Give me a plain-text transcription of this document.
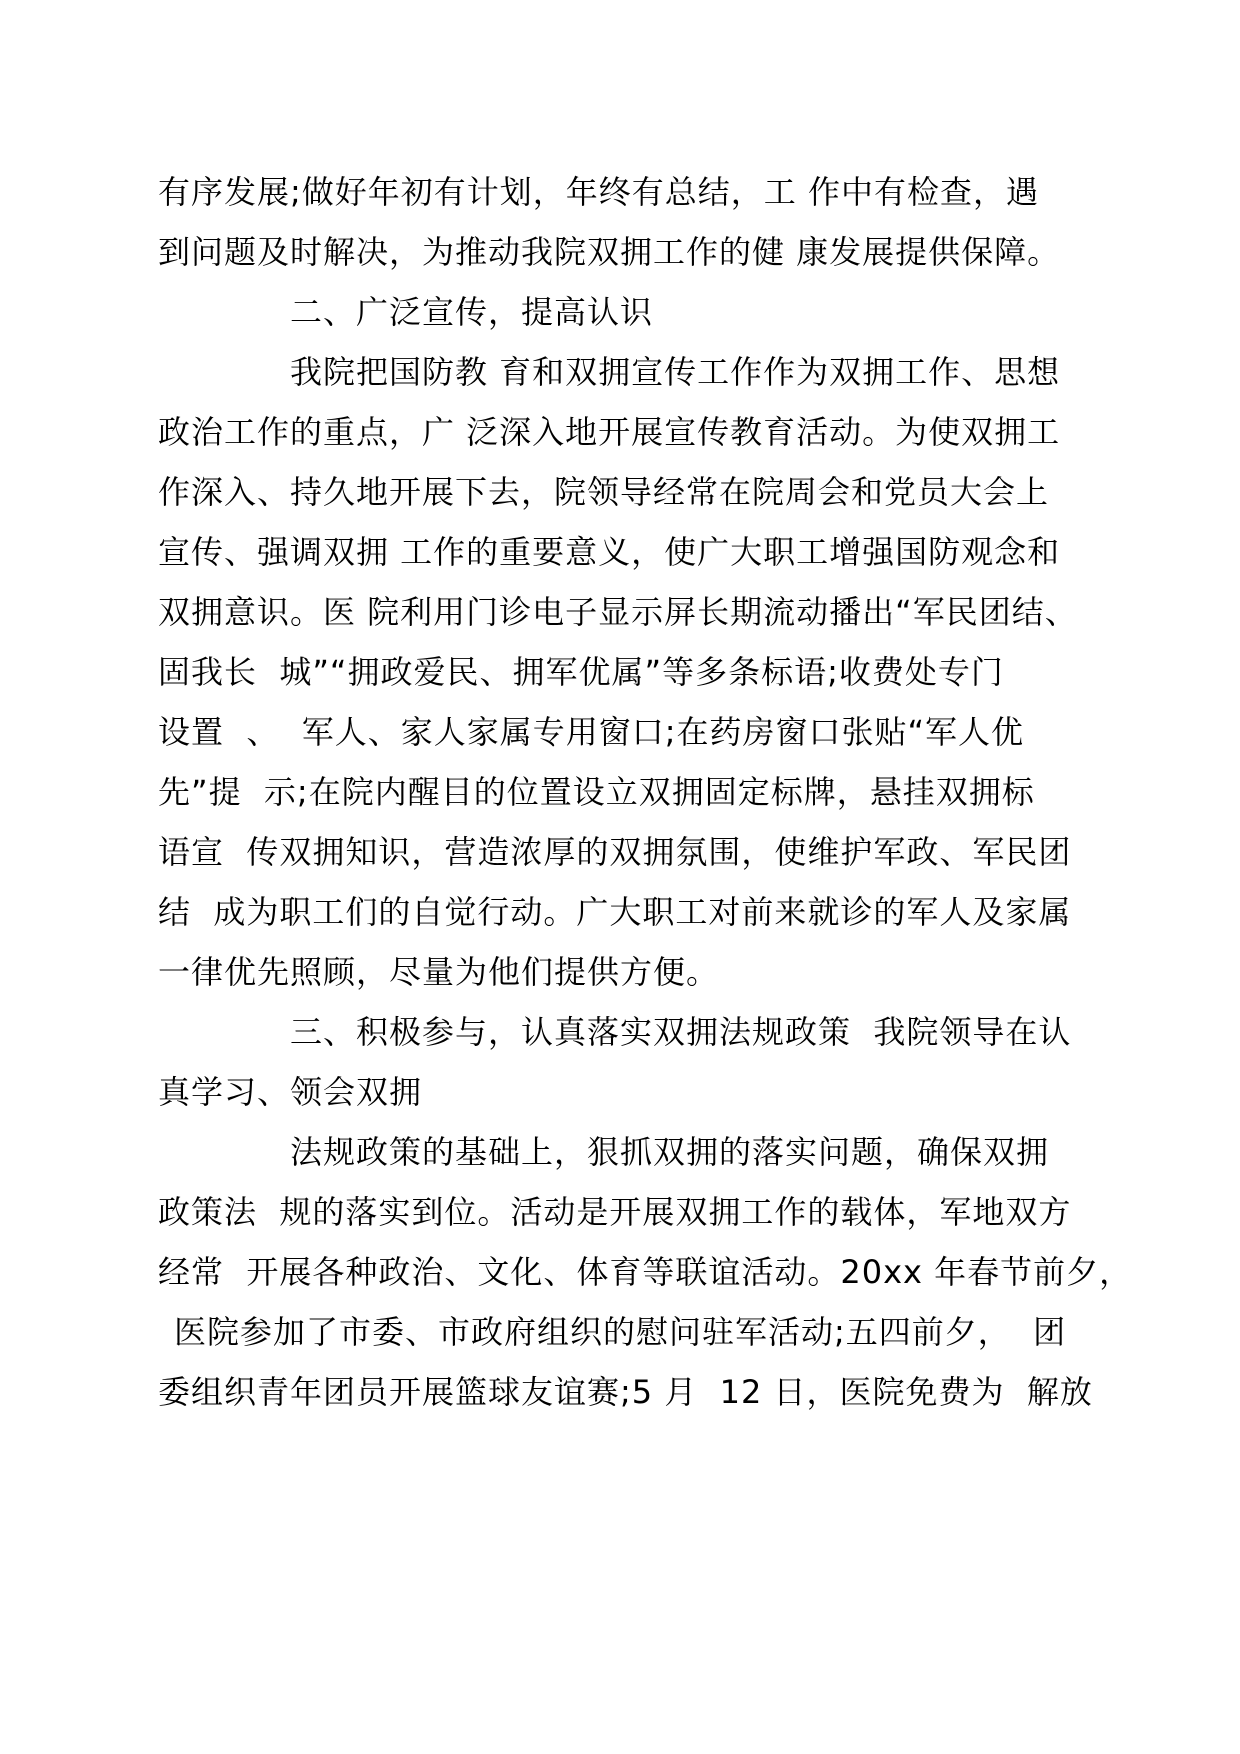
有序发展;做好年初有计划，年终有总结，工 作中有检查，遇
到问题及时解决，为推动我院双拥工作的健 康发展提供保障。
二、广泛宣传，提高认识
我院把国防教 育和双拥宣传工作作为双拥工作、思想
政治工作的重点，广 泛深入地开展宣传教育活动。为使双拥工
作深入、持久地开展下去，院领导经常在院周会和党员大会上
宣传、强调双拥 工作的重要意义，使广大职工增强国防观念和
双拥意识。医 院利用门诊电子显示屏长期流动播出“军民团结、
固我长  城”“拥政爱民、拥军优属”等多条标语;收费处专门
设置  、  军人、家人家属专用窗口;在药房窗口张贴“军人优
先”提  示;在院内醒目的位置设立双拥固定标牌，悬挂双拥标
语宣  传双拥知识，营造浓厚的双拥氛围，使维护军政、军民团
结  成为职工们的自觉行动。广大职工对前来就诊的军人及家属
一律优先照顾，尽量为他们提供方便。
三、积极参与，认真落实双拥法规政策  我院领导在认
真学习、领会双拥
法规政策的基础上，狠抓双拥的落实问题，确保双拥
政策法  规的落实到位。活动是开展双拥工作的载体，军地双方
经常  开展各种政治、文化、体育等联谊活动。20xx 年春节前夕，
医院参加了市委、市政府组织的慰问驻军活动;五四前夕，  团
委组织青年团员开展篮球友谊赛;5 月  12 日，医院免费为  解放
